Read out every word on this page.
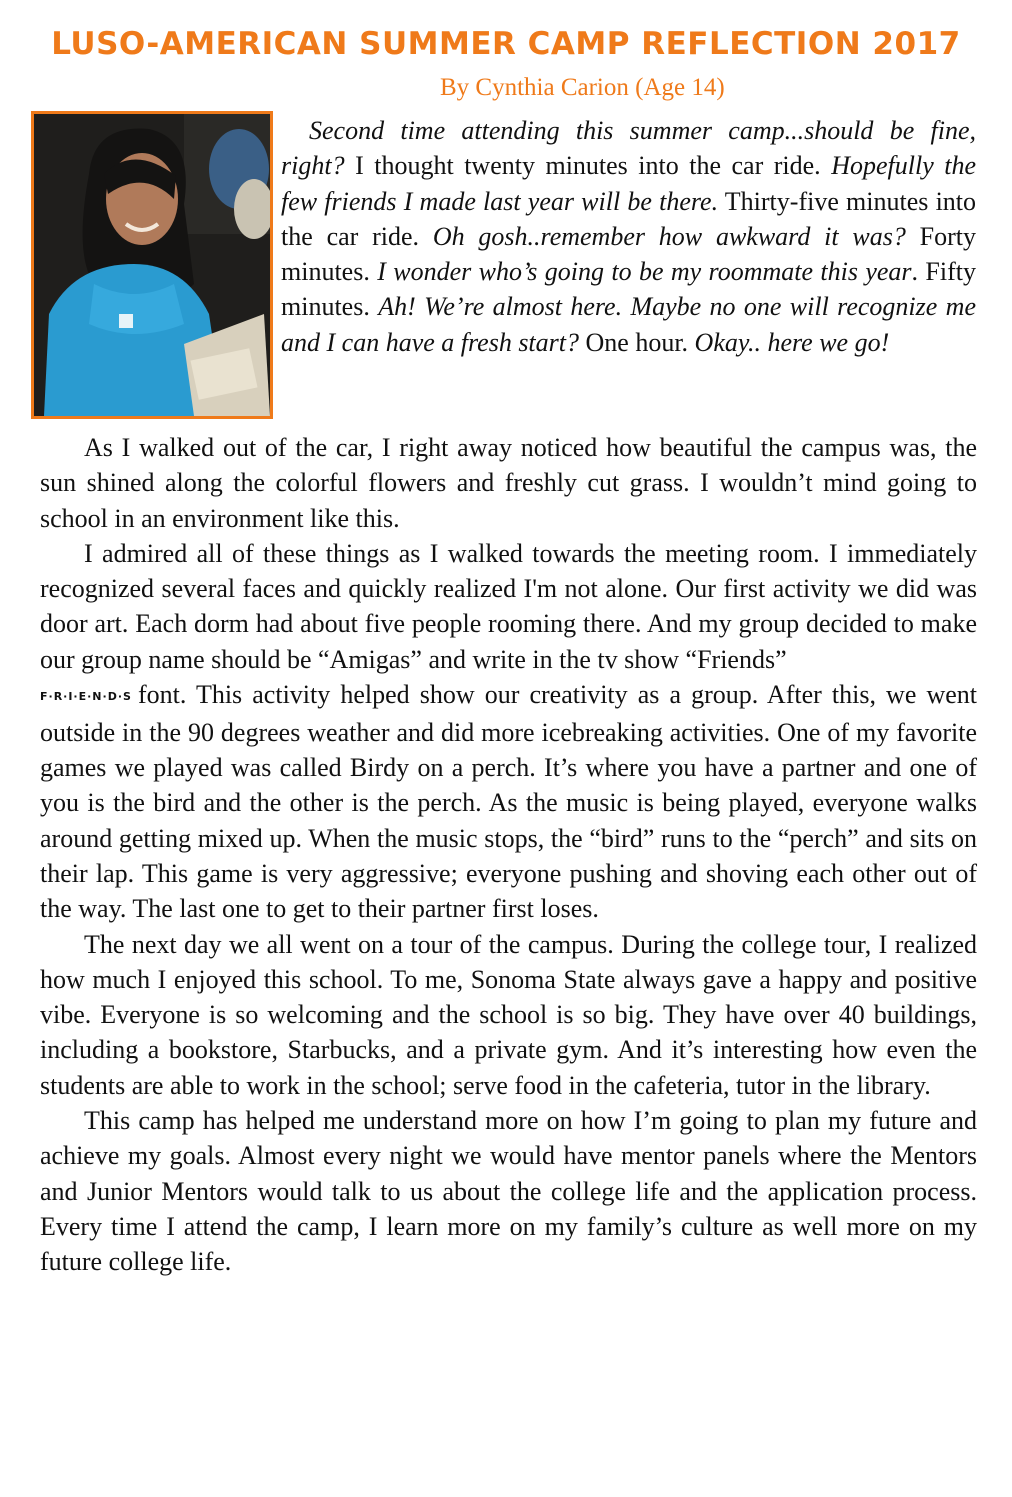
LUSO-AMERICAN SUMMER CAMP REFLECTION 2017
By Cynthia Carion (Age 14)

Second time attending this summer camp...should be fine, right? I thought twenty minutes into the car ride. Hopefully the few friends I made last year will be there. Thirty-five minutes into the car ride. Oh gosh..remember how awkward it was? Forty minutes. I wonder who’s going to be my roommate this year. Fifty minutes. Ah! We’re almost here. Maybe no one will recognize me and I can have a fresh start? One hour. Okay.. here we go!

As I walked out of the car, I right away noticed how beautiful the campus was, the sun shined along the colorful flowers and freshly cut grass. I wouldn’t mind going to school in an environment like this.

I admired all of these things as I walked towards the meeting room. I immediately recognized several faces and quickly realized I'm not alone. Our first activity we did was door art. Each dorm had about five people rooming there. And my group decided to make our group name should be “Amigas” and write in the tv show “Friends”

F·R·I·E·N·D·S font. This activity helped show our creativity as a group. After this, we went outside in the 90 degrees weather and did more icebreaking activities. One of my favorite games we played was called Birdy on a perch. It’s where you have a partner and one of you is the bird and the other is the perch. As the music is being played, everyone walks around getting mixed up. When the music stops, the “bird” runs to the “perch” and sits on their lap. This game is very aggressive; everyone pushing and shoving each other out of the way. The last one to get to their partner first loses.

The next day we all went on a tour of the campus. During the college tour, I realized how much I enjoyed this school. To me, Sonoma State always gave a happy and positive vibe. Everyone is so welcoming and the school is so big. They have over 40 buildings, including a bookstore, Starbucks, and a private gym. And it’s interesting how even the students are able to work in the school; serve food in the cafeteria, tutor in the library.

This camp has helped me understand more on how I’m going to plan my future and achieve my goals. Almost every night we would have mentor panels where the Mentors and Junior Mentors would talk to us about the college life and the application process. Every time I attend the camp, I learn more on my family’s culture as well more on my future college life.
